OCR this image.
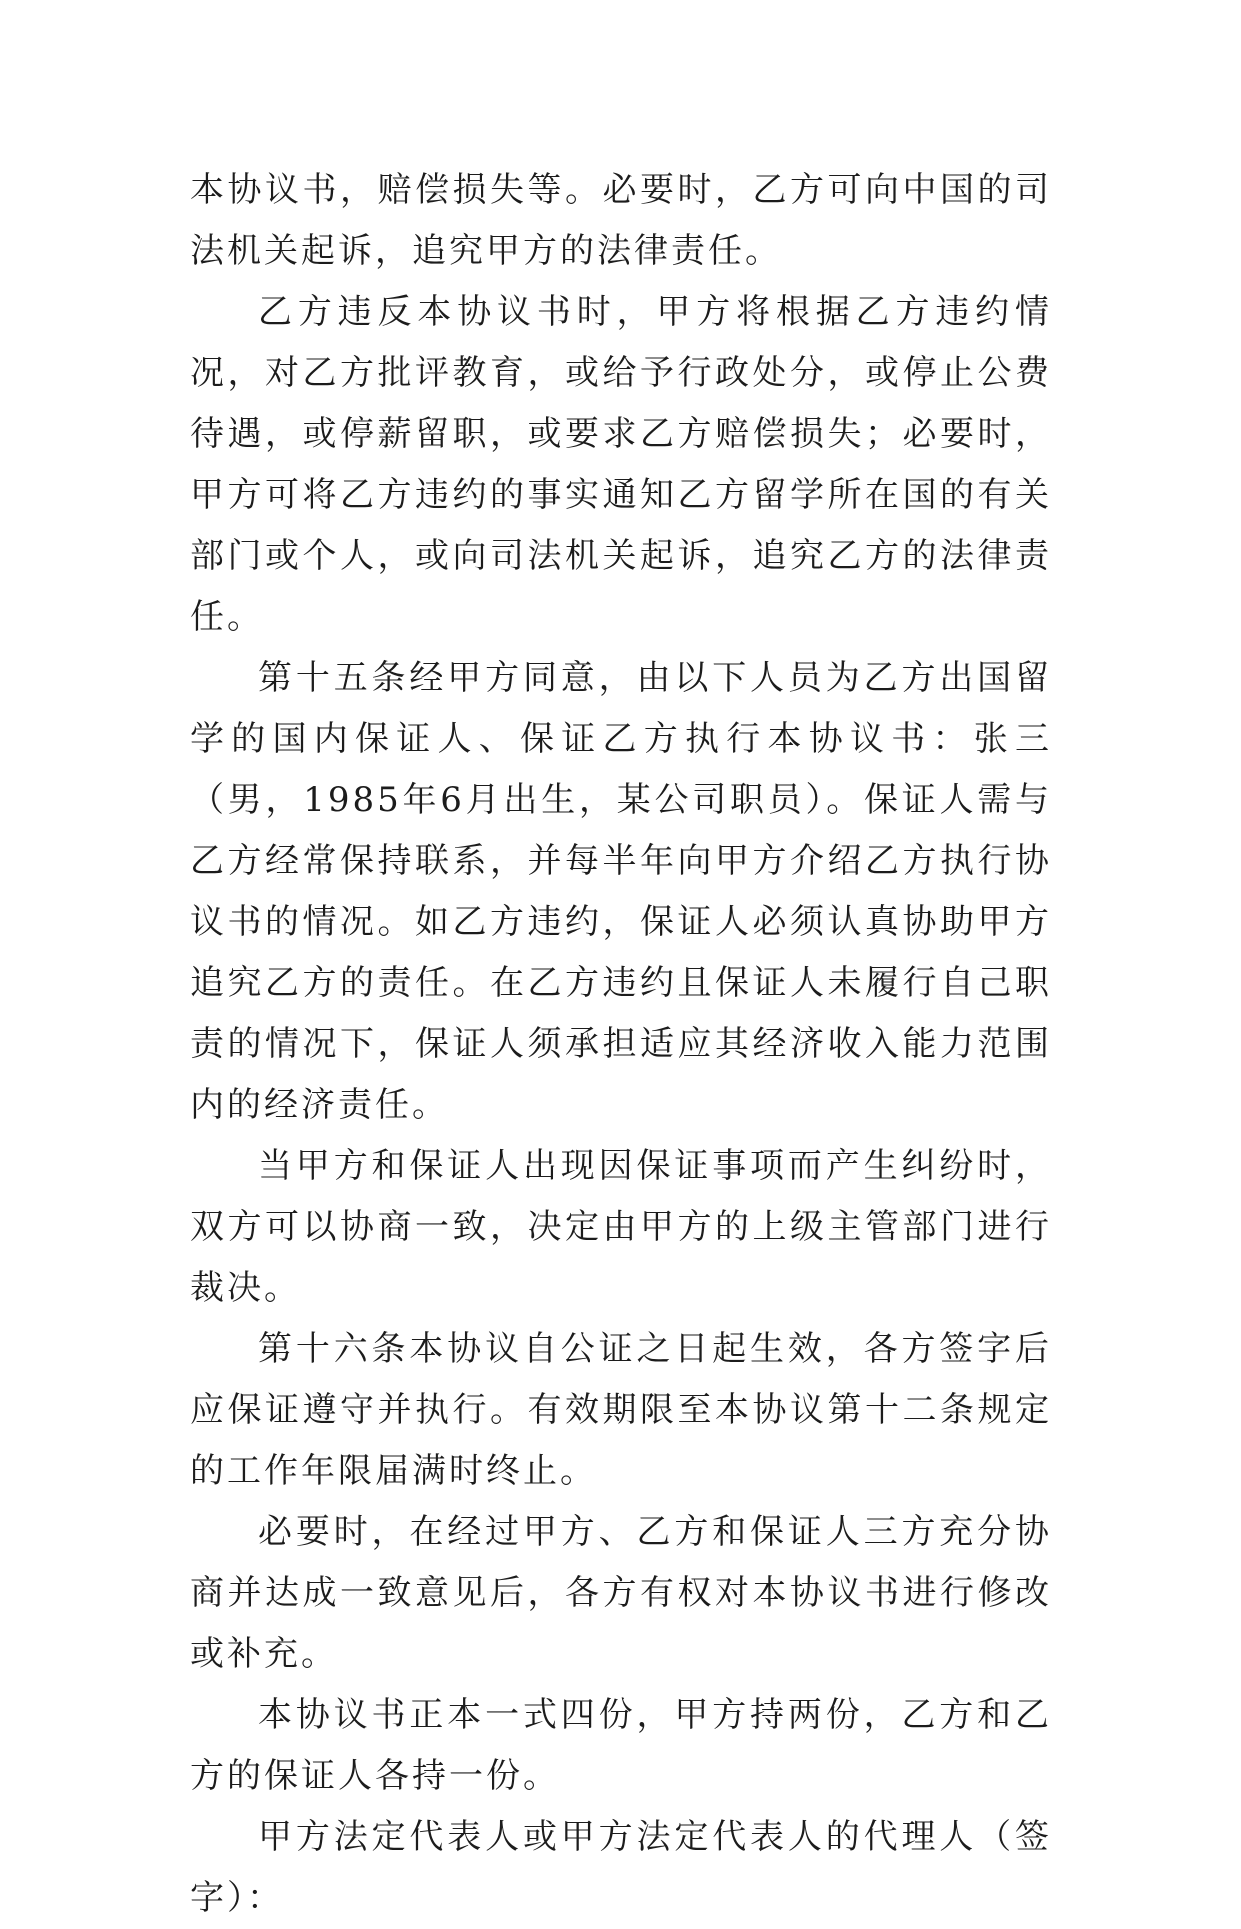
本协议书，赔偿损失等。必要时，乙方可向中国的司法机关起诉，追究甲方的法律责任。

乙方违反本协议书时，甲方将根据乙方违约情况，对乙方批评教育，或给予行政处分，或停止公费待遇，或停薪留职，或要求乙方赔偿损失；必要时，甲方可将乙方违约的事实通知乙方留学所在国的有关部门或个人，或向司法机关起诉，追究乙方的法律责任。

第十五条经甲方同意，由以下人员为乙方出国留学的国内保证人、保证乙方执行本协议书：张三（男，1985年6月出生，某公司职员）。保证人需与乙方经常保持联系，并每半年向甲方介绍乙方执行协议书的情况。如乙方违约，保证人必须认真协助甲方追究乙方的责任。在乙方违约且保证人未履行自己职责的情况下，保证人须承担适应其经济收入能力范围内的经济责任。

当甲方和保证人出现因保证事项而产生纠纷时，双方可以协商一致，决定由甲方的上级主管部门进行裁决。

第十六条本协议自公证之日起生效，各方签字后应保证遵守并执行。有效期限至本协议第十二条规定的工作年限届满时终止。

必要时，在经过甲方、乙方和保证人三方充分协商并达成一致意见后，各方有权对本协议书进行修改或补充。

本协议书正本一式四份，甲方持两份，乙方和乙方的保证人各持一份。

甲方法定代表人或甲方法定代表人的代理人（签字）：
